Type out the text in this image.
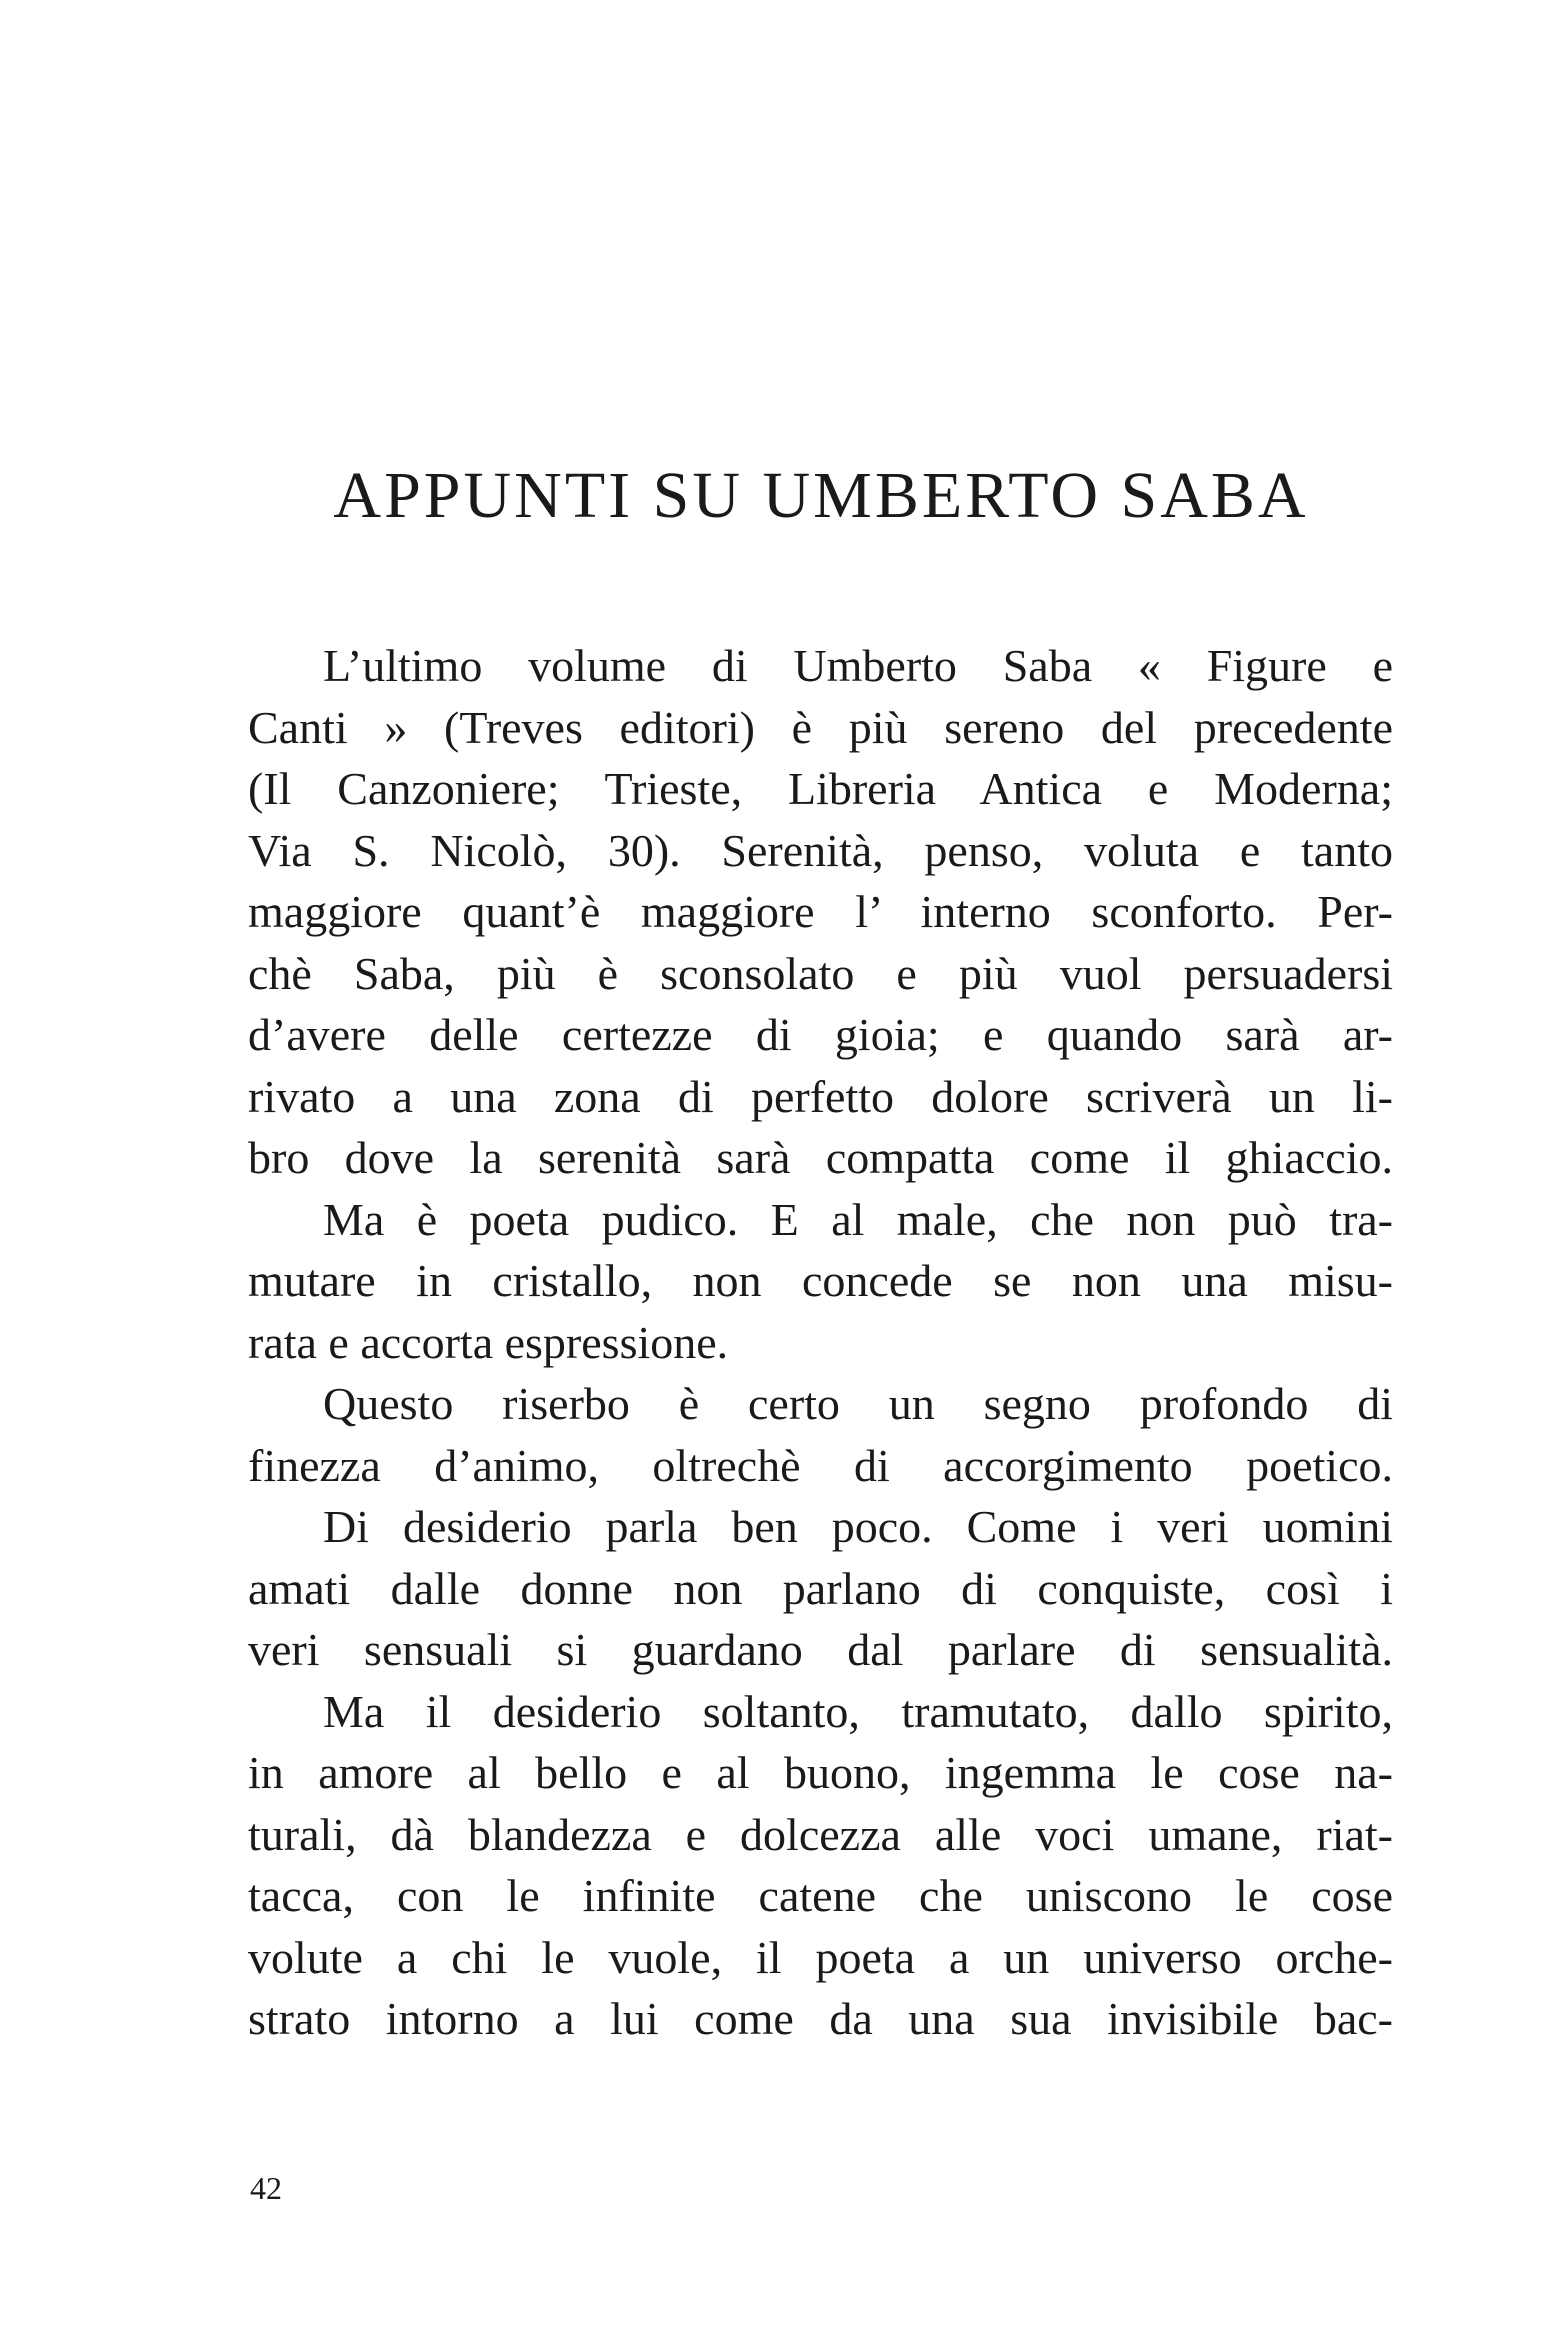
APPUNTI SU UMBERTO SABA
L’ultimo volume di Umberto Saba « Figure e
Canti » (Treves editori) è più sereno del precedente
(Il Canzoniere; Trieste, Libreria Antica e Moderna;
Via S. Nicolò, 30). Serenità, penso, voluta e tanto
maggiore quant’è maggiore l’ interno sconforto. Per-
chè Saba, più è sconsolato e più vuol persuadersi
d’avere delle certezze di gioia; e quando sarà ar-
rivato a una zona di perfetto dolore scriverà un li-
bro dove la serenità sarà compatta come il ghiaccio.
Ma è poeta pudico. E al male, che non può tra-
mutare in cristallo, non concede se non una misu-
rata e accorta espressione.
Questo riserbo è certo un segno profondo di
finezza d’animo, oltrechè di accorgimento poetico.
Di desiderio parla ben poco. Come i veri uomini
amati dalle donne non parlano di conquiste, così i
veri sensuali si guardano dal parlare di sensualità.
Ma il desiderio soltanto, tramutato, dallo spirito,
in amore al bello e al buono, ingemma le cose na-
turali, dà blandezza e dolcezza alle voci umane, riat-
tacca, con le infinite catene che uniscono le cose
volute a chi le vuole, il poeta a un universo orche-
strato intorno a lui come da una sua invisibile bac-
42
